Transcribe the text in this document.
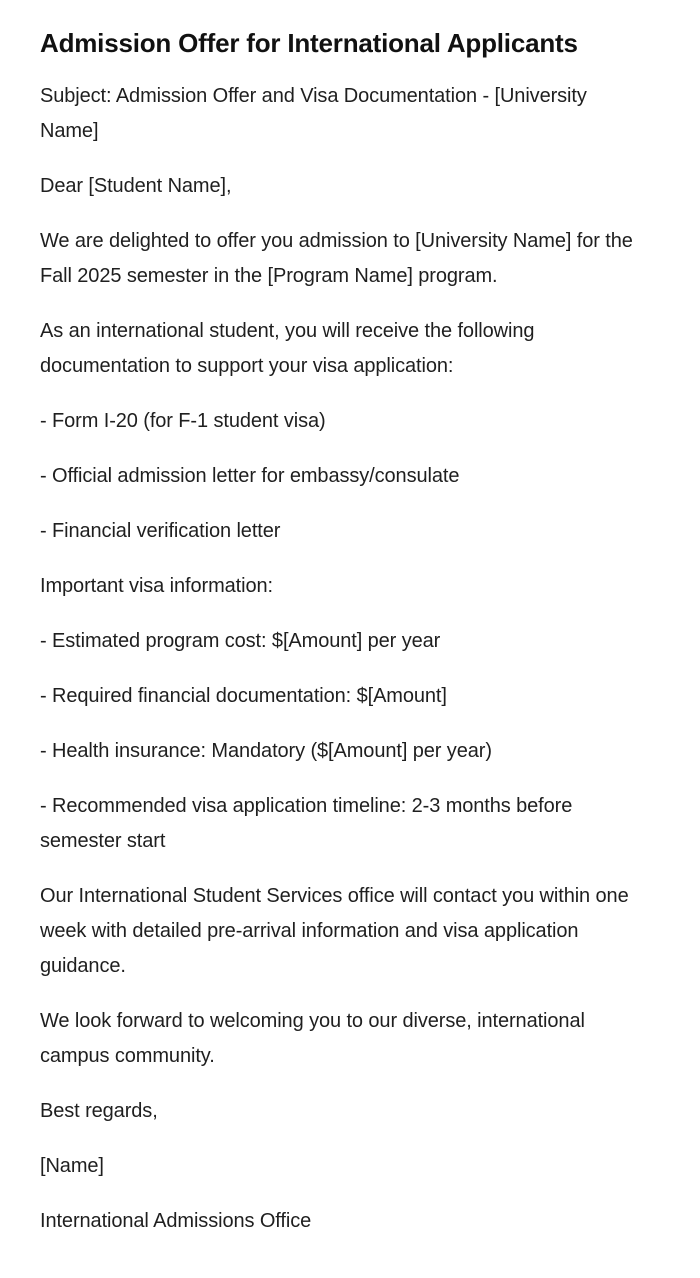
Admission Offer for International Applicants

Subject: Admission Offer and Visa Documentation - [University Name]

Dear [Student Name],

We are delighted to offer you admission to [University Name] for the Fall 2025 semester in the [Program Name] program.

As an international student, you will receive the following documentation to support your visa application:

- Form I-20 (for F-1 student visa)

- Official admission letter for embassy/consulate

- Financial verification letter

Important visa information:

- Estimated program cost: $[Amount] per year

- Required financial documentation: $[Amount]

- Health insurance: Mandatory ($[Amount] per year)

- Recommended visa application timeline: 2-3 months before semester start

Our International Student Services office will contact you within one week with detailed pre-arrival information and visa application guidance.

We look forward to welcoming you to our diverse, international campus community.

Best regards,

[Name]

International Admissions Office
